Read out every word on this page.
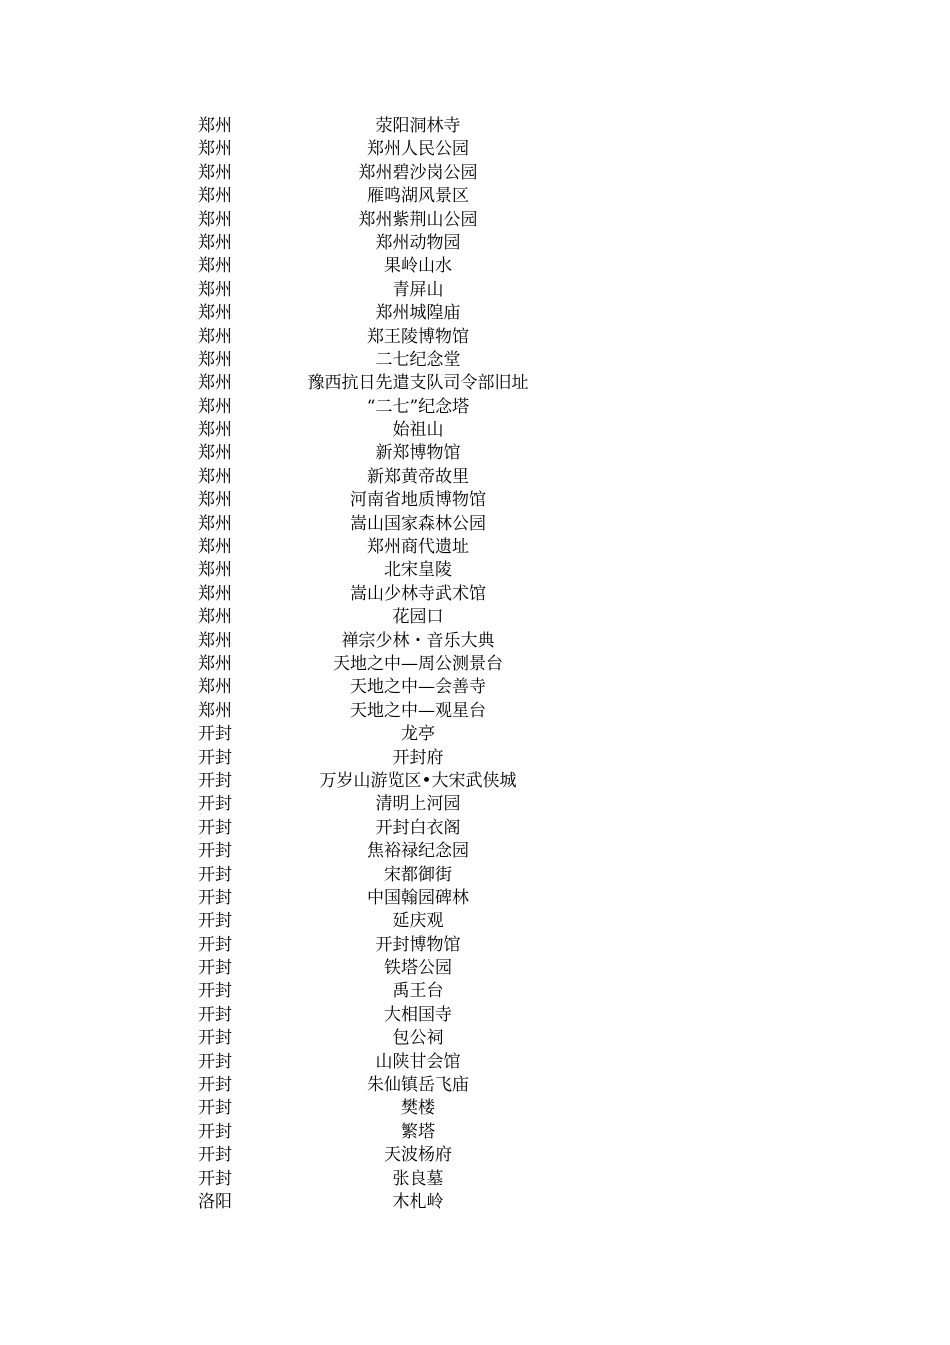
郑州	荥阳洞林寺
郑州	郑州人民公园
郑州	郑州碧沙岗公园
郑州	雁鸣湖风景区
郑州	郑州紫荆山公园
郑州	郑州动物园
郑州	果岭山水
郑州	青屏山
郑州	郑州城隍庙
郑州	郑王陵博物馆
郑州	二七纪念堂
郑州	豫西抗日先遣支队司令部旧址
郑州	“二七”纪念塔
郑州	始祖山
郑州	新郑博物馆
郑州	新郑黄帝故里
郑州	河南省地质博物馆
郑州	嵩山国家森林公园
郑州	郑州商代遗址
郑州	北宋皇陵
郑州	嵩山少林寺武术馆
郑州	花园口
郑州	禅宗少林・音乐大典
郑州	天地之中—周公测景台
郑州	天地之中—会善寺
郑州	天地之中—观星台
开封	龙亭
开封	开封府
开封	万岁山游览区•大宋武侠城
开封	清明上河园
开封	开封白衣阁
开封	焦裕禄纪念园
开封	宋都御街
开封	中国翰园碑林
开封	延庆观
开封	开封博物馆
开封	铁塔公园
开封	禹王台
开封	大相国寺
开封	包公祠
开封	山陕甘会馆
开封	朱仙镇岳飞庙
开封	樊楼
开封	繁塔
开封	天波杨府
开封	张良墓
洛阳	木札岭
